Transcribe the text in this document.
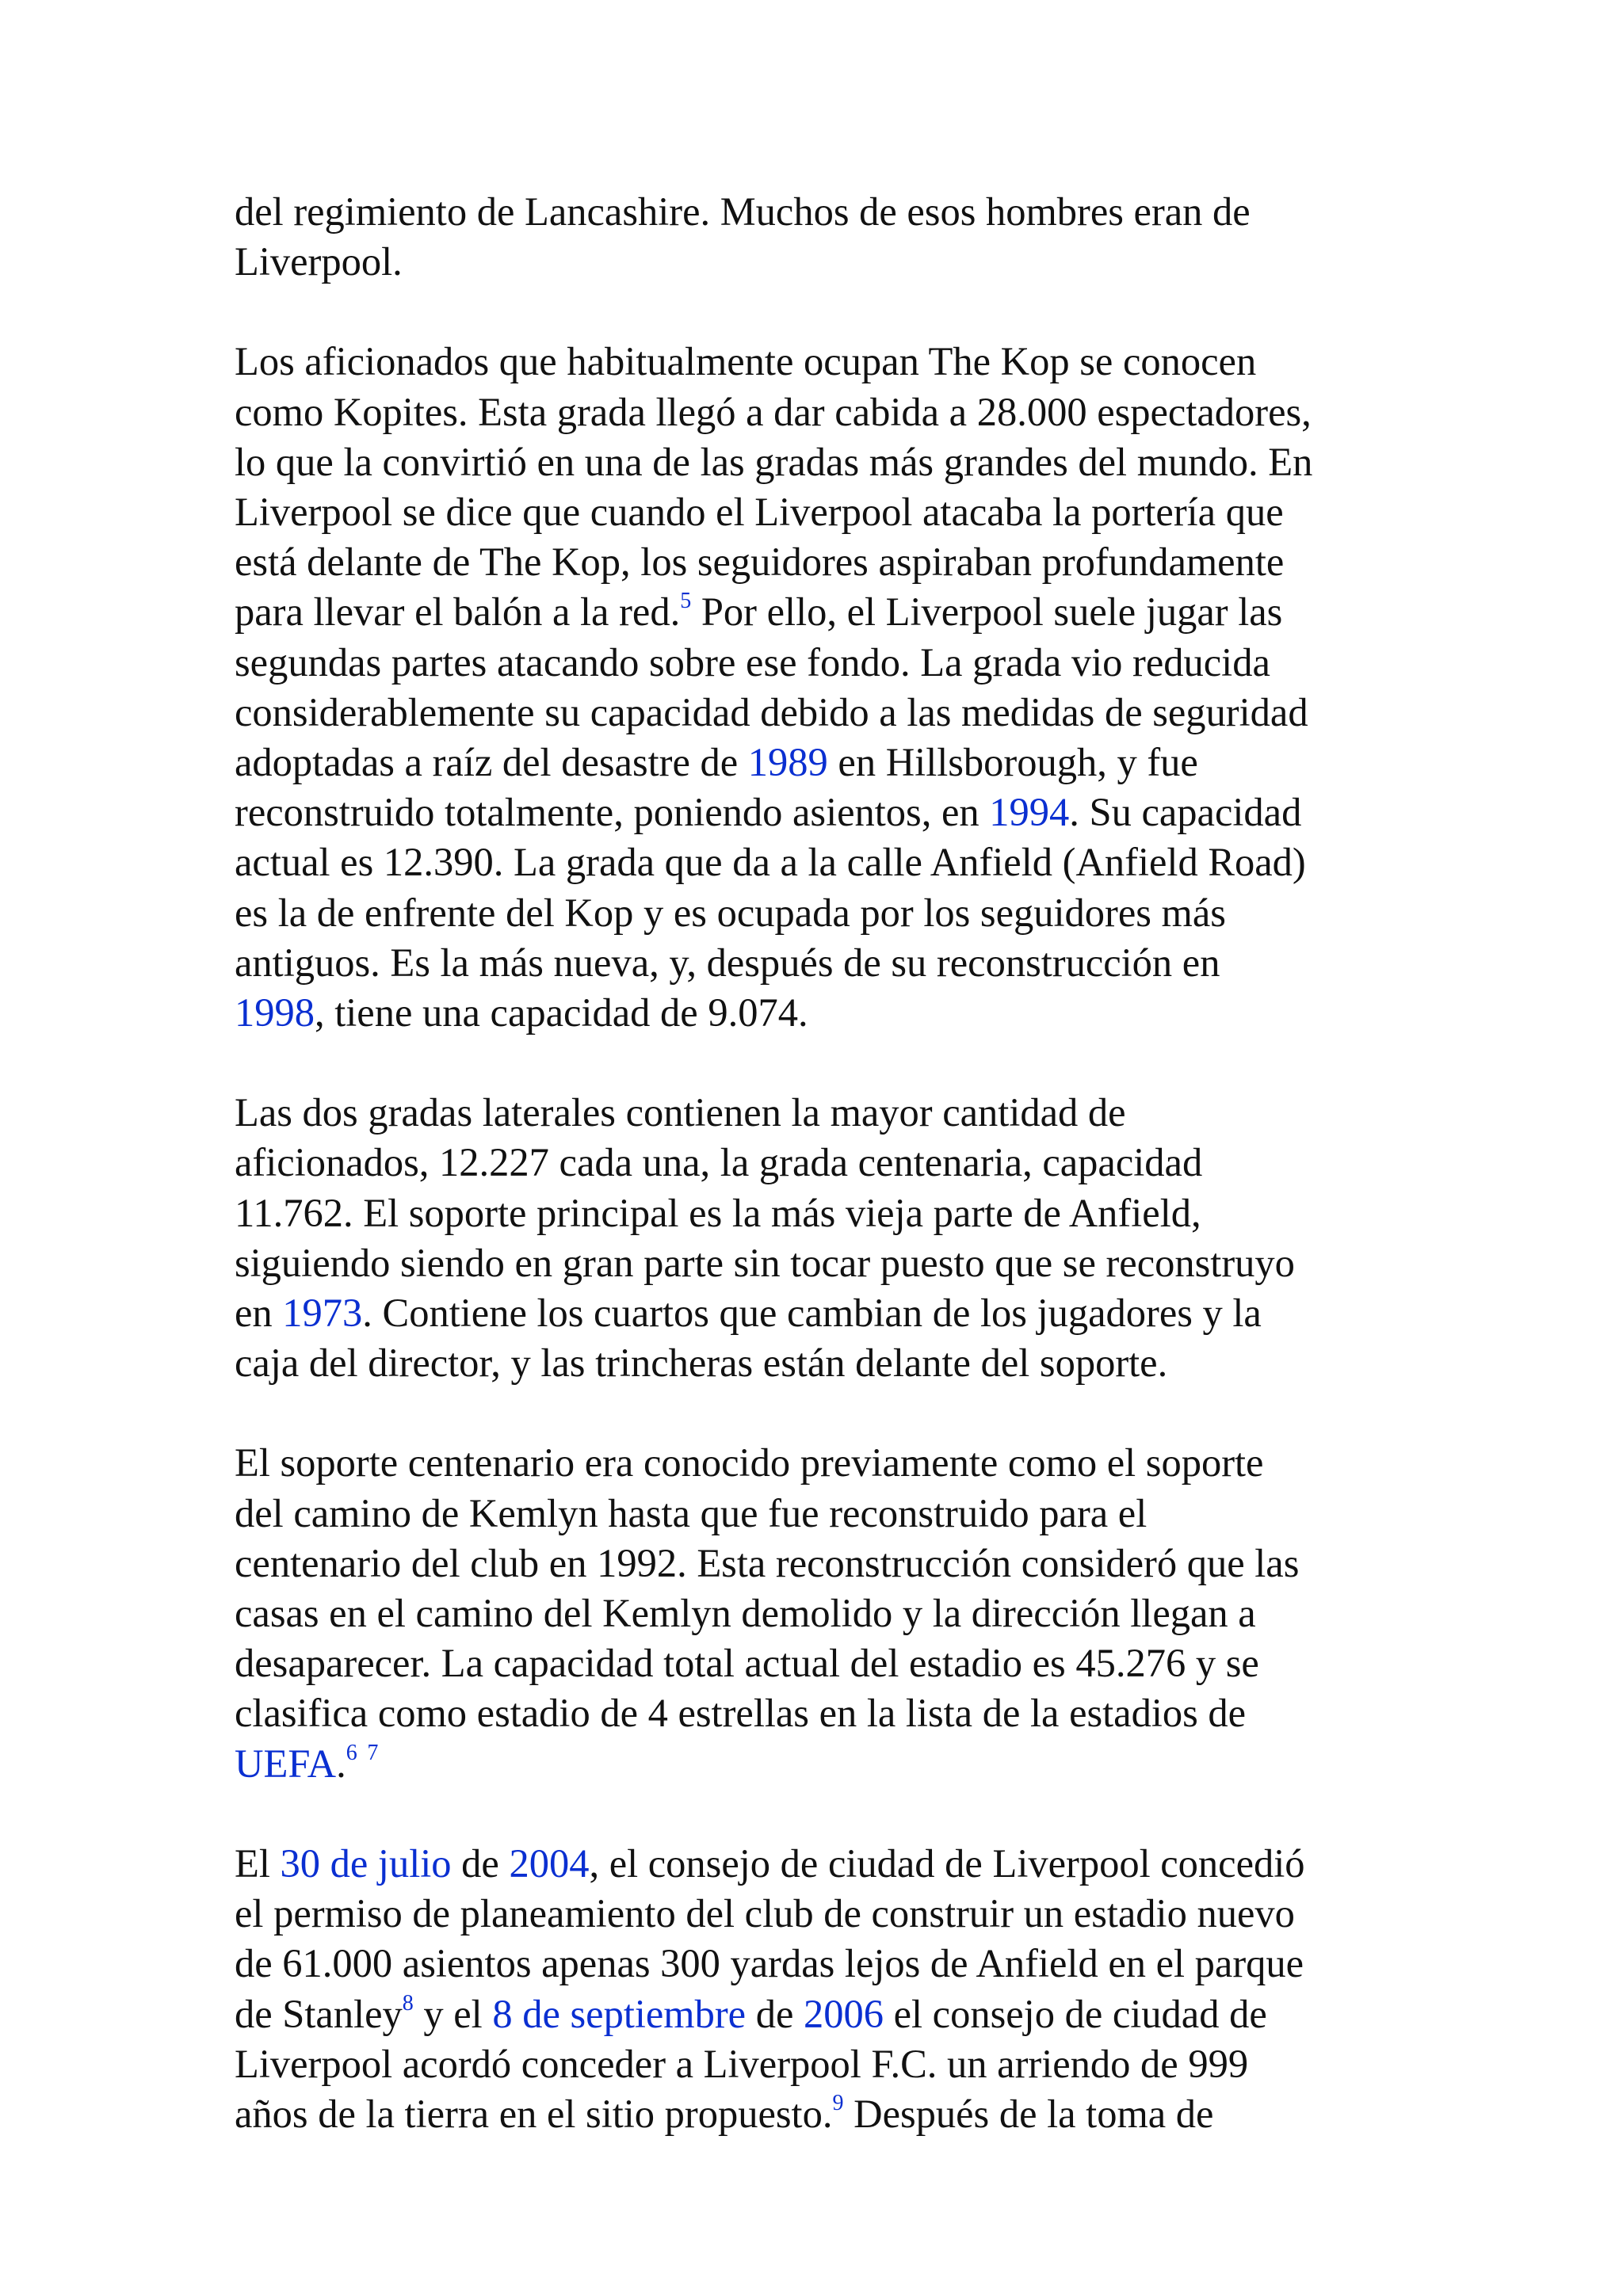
del regimiento de Lancashire. Muchos de esos hombres eran de
Liverpool.
Los aficionados que habitualmente ocupan The Kop se conocen
como Kopites. Esta grada llegó a dar cabida a 28.000 espectadores,
lo que la convirtió en una de las gradas más grandes del mundo. En
Liverpool se dice que cuando el Liverpool atacaba la portería que
está delante de The Kop, los seguidores aspiraban profundamente
para llevar el balón a la red.$^5$ Por ello, el Liverpool suele jugar las
segundas partes atacando sobre ese fondo. La grada vio reducida
considerablemente su capacidad debido a las medidas de seguridad
adoptadas a raíz del desastre de 1989 en Hillsborough, y fue
reconstruido totalmente, poniendo asientos, en 1994. Su capacidad
actual es 12.390. La grada que da a la calle Anfield (Anfield Road)
es la de enfrente del Kop y es ocupada por los seguidores más
antiguos. Es la más nueva, y, después de su reconstrucción en
1998, tiene una capacidad de 9.074.
Las dos gradas laterales contienen la mayor cantidad de
aficionados, 12.227 cada una, la grada centenaria, capacidad
11.762. El soporte principal es la más vieja parte de Anfield,
siguiendo siendo en gran parte sin tocar puesto que se reconstruyo
en 1973. Contiene los cuartos que cambian de los jugadores y la
caja del director, y las trincheras están delante del soporte.
El soporte centenario era conocido previamente como el soporte
del camino de Kemlyn hasta que fue reconstruido para el
centenario del club en 1992. Esta reconstrucción consideró que las
casas en el camino del Kemlyn demolido y la dirección llegan a
desaparecer. La capacidad total actual del estadio es 45.276 y se
clasifica como estadio de 4 estrellas en la lista de la estadios de
UEFA.$^6$ $^7$
El 30 de julio de 2004, el consejo de ciudad de Liverpool concedió
el permiso de planeamiento del club de construir un estadio nuevo
de 61.000 asientos apenas 300 yardas lejos de Anfield en el parque
de Stanley$^8$ y el 8 de septiembre de 2006 el consejo de ciudad de
Liverpool acordó conceder a Liverpool F.C. un arriendo de 999
años de la tierra en el sitio propuesto.$^9$ Después de la toma de
